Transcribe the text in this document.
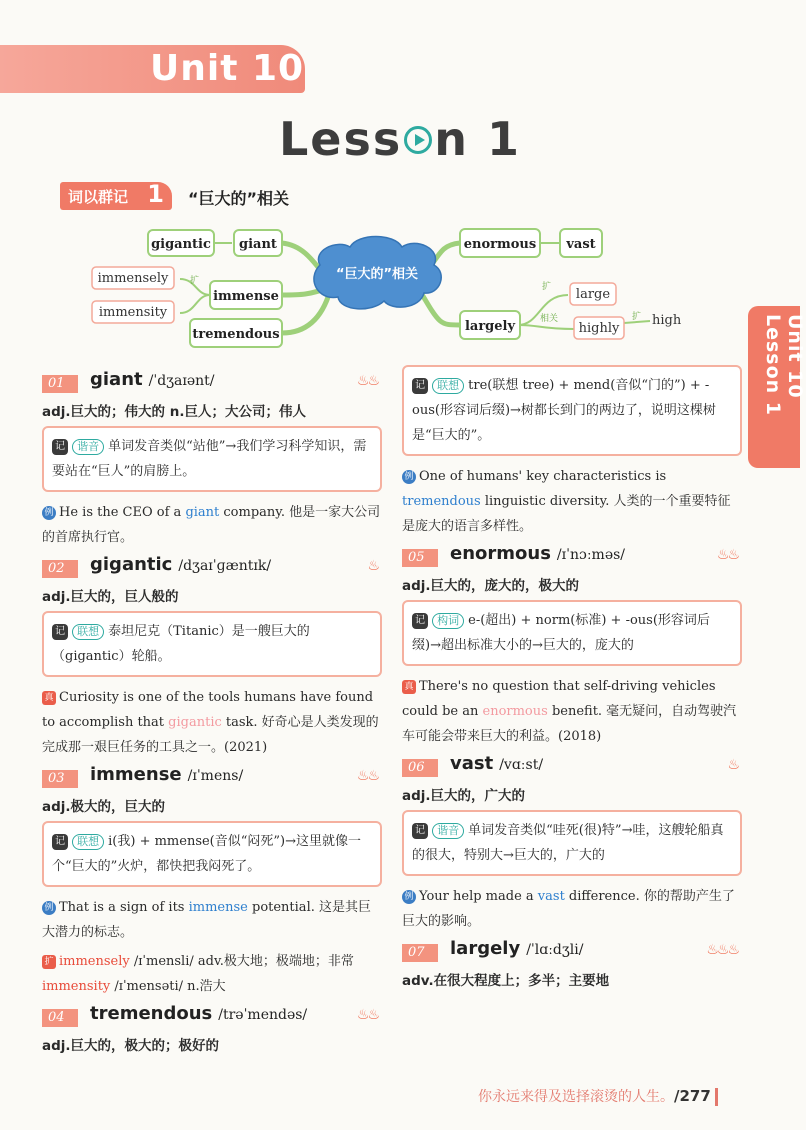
Unit 10
Less n 1
词以群记 1 “巨大的”相关
“巨大的”相关
gigantic giant
immense
tremendous
enormous vast
largely
immensely
immensity
large
highly
high
扩
扩
相关	扩	Unit 10 Lesson 1
01	giant /ˈdʒaɪənt/	♨♨
adj.巨大的；伟大的 n.巨人；大公司；伟人
记 谐音 单词发音类似“站他”→我们学习科学知识，需要站在“巨人”的肩膀上。
例 He is the CEO of a giant company. 他是一家大公司的首席执行官。
02	gigantic /dʒaɪˈɡæntɪk/	♨
adj.巨大的，巨人般的
记 联想 泰坦尼克（Titanic）是一艘巨大的（gigantic）轮船。
真 Curiosity is one of the tools humans have found to accomplish that gigantic task. 好奇心是人类发现的完成那一艰巨任务的工具之一。(2021)
03	immense /ɪˈmens/	♨♨
adj.极大的，巨大的
记 联想 i(我) + mmense(音似“闷死”)→这里就像一个“巨大的”火炉，都快把我闷死了。
例 That is a sign of its immense potential. 这是其巨大潜力的标志。
扩 immensely /ɪˈmensli/ adv.极大地；极端地；非常
immensity /ɪˈmensəti/ n.浩大
04	tremendous /trəˈmendəs/	♨♨
adj.巨大的，极大的；极好的
记 联想 tre(联想 tree) + mend(音似“门的”) + -ous(形容词后缀)→树都长到门的两边了，说明这棵树是“巨大的”。
例 One of humans' key characteristics is tremendous linguistic diversity. 人类的一个重要特征是庞大的语言多样性。
05	enormous /ɪˈnɔːməs/	♨♨
adj.巨大的，庞大的，极大的
记 构词 e-(超出) + norm(标准) + -ous(形容词后缀)→超出标准大小的→巨大的，庞大的
真 There's no question that self-driving vehicles could be an enormous benefit. 毫无疑问，自动驾驶汽车可能会带来巨大的利益。(2018)
06	vast /vɑːst/	♨
adj.巨大的，广大的
记 谐音 单词发音类似“哇死(很)特”→哇，这艘轮船真的很大，特别大→巨大的，广大的
例 Your help made a vast difference. 你的帮助产生了巨大的影响。
07	largely /ˈlɑːdʒli/	♨♨♨
adv.在很大程度上；多半；主要地
你永远来得及选择滚烫的人生。/277
